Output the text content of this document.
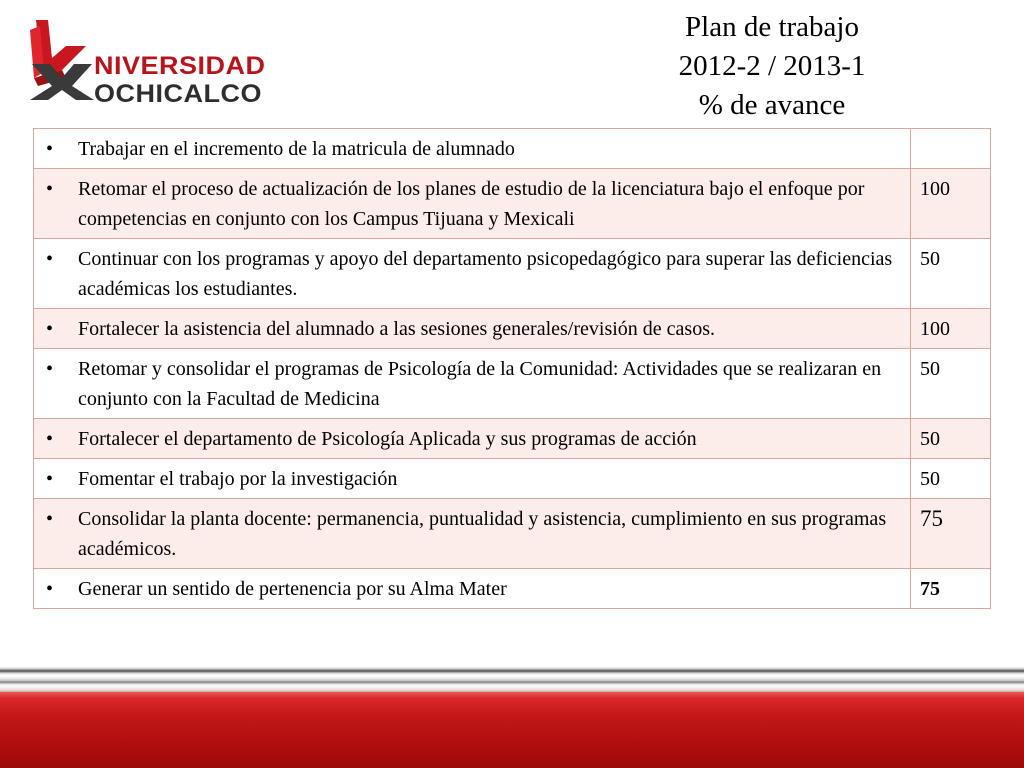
NIVERSIDAD
OCHICALCO
Plan de trabajo
2012-2 / 2013-1
% de avance
• Trabajar en el incremento de la matricula de alumnado	

• Retomar el proceso de actualización de los planes de estudio de la licenciatura bajo el enfoque por competencias en conjunto con los Campus Tijuana y Mexicali	100

• Continuar con los programas y apoyo del departamento psicopedagógico para superar las deficiencias académicas los estudiantes.	50

• Fortalecer la asistencia del alumnado a las sesiones generales/revisión de casos.	100

• Retomar y consolidar el programas de Psicología de la Comunidad: Actividades que se realizaran en conjunto con la Facultad de Medicina	50

• Fortalecer el departamento de Psicología Aplicada y sus programas de acción	50

• Fomentar el trabajo por la investigación	50

• Consolidar la planta docente: permanencia, puntualidad y asistencia, cumplimiento en sus programas académicos.	75

• Generar un sentido de pertenencia por su Alma Mater	75
